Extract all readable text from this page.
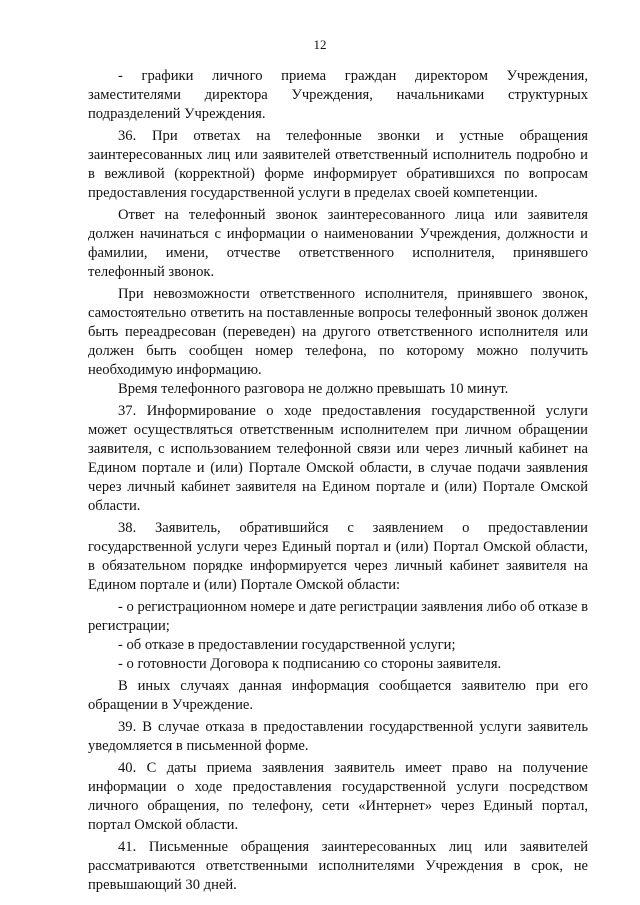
12

- графики личного приема граждан директором Учреждения, заместителями директора Учреждения, начальниками структурных подразделений Учреждения.

36. При ответах на телефонные звонки и устные обращения заинтересованных лиц или заявителей ответственный исполнитель подробно и в вежливой (корректной) форме информирует обратившихся по вопросам предоставления государственной услуги в пределах своей компетенции.

Ответ на телефонный звонок заинтересованного лица или заявителя должен начинаться с информации о наименовании Учреждения, должности и фамилии, имени, отчестве ответственного исполнителя, принявшего телефонный звонок.

При невозможности ответственного исполнителя, принявшего звонок, самостоятельно ответить на поставленные вопросы телефонный звонок должен быть переадресован (переведен) на другого ответственного исполнителя или должен быть сообщен номер телефона, по которому можно получить необходимую информацию.

Время телефонного разговора не должно превышать 10 минут.

37. Информирование о ходе предоставления государственной услуги может осуществляться ответственным исполнителем при личном обращении заявителя, с использованием телефонной связи или через личный кабинет на Едином портале и (или) Портале Омской области, в случае подачи заявления через личный кабинет заявителя на Едином портале и (или) Портале Омской области.

38. Заявитель, обратившийся с заявлением о предоставлении государственной услуги через Единый портал и (или) Портал Омской области, в обязательном порядке информируется через личный кабинет заявителя на Едином портале и (или) Портале Омской области:

- о регистрационном номере и дате регистрации заявления либо об отказе в регистрации;

- об отказе в предоставлении государственной услуги;

- о готовности Договора к подписанию со стороны заявителя.

В иных случаях данная информация сообщается заявителю при его обращении в Учреждение.

39. В случае отказа в предоставлении государственной услуги заявитель уведомляется в письменной форме.

40. С даты приема заявления заявитель имеет право на получение информации о ходе предоставления государственной услуги посредством личного обращения, по телефону, сети «Интернет» через Единый портал, портал Омской области.

41. Письменные обращения заинтересованных лиц или заявителей рассматриваются ответственными исполнителями Учреждения в срок, не превышающий 30 дней.
